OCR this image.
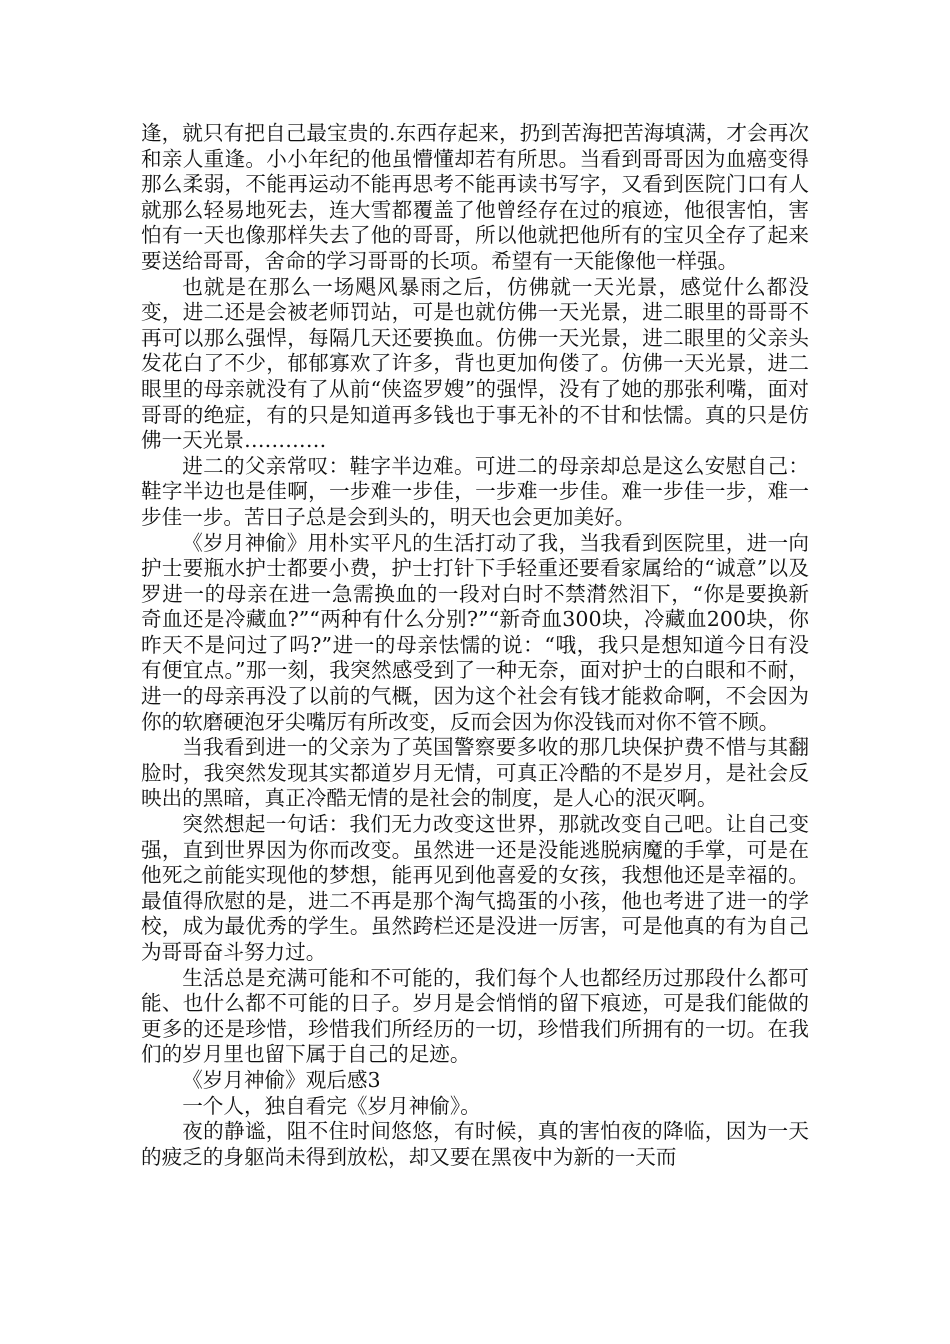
逢，就只有把自己最宝贵的.东西存起来，扔到苦海把苦海填满，才会再次和亲人重逢。小小年纪的他虽懵懂却若有所思。当看到哥哥因为血癌变得那么柔弱，不能再运动不能再思考不能再读书写字，又看到医院门口有人就那么轻易地死去，连大雪都覆盖了他曾经存在过的痕迹，他很害怕，害怕有一天也像那样失去了他的哥哥，所以他就把他所有的宝贝全存了起来要送给哥哥，舍命的学习哥哥的长项。希望有一天能像他一样强。

也就是在那么一场飓风暴雨之后，仿佛就一天光景，感觉什么都没变，进二还是会被老师罚站，可是也就仿佛一天光景，进二眼里的哥哥不再可以那么强悍，每隔几天还要换血。仿佛一天光景，进二眼里的父亲头发花白了不少，郁郁寡欢了许多，背也更加佝偻了。仿佛一天光景，进二眼里的母亲就没有了从前“侠盗罗嫂”的强悍，没有了她的那张利嘴，面对哥哥的绝症，有的只是知道再多钱也于事无补的不甘和怯懦。真的只是仿佛一天光景…………

进二的父亲常叹：鞋字半边难。可进二的母亲却总是这么安慰自己：鞋字半边也是佳啊，一步难一步佳，一步难一步佳。难一步佳一步，难一步佳一步。苦日子总是会到头的，明天也会更加美好。

《岁月神偷》用朴实平凡的生活打动了我，当我看到医院里，进一向护士要瓶水护士都要小费，护士打针下手轻重还要看家属给的“诚意”以及罗进一的母亲在进一急需换血的一段对白时不禁潸然泪下，“你是要换新奇血还是冷藏血?”“两种有什么分别?”“新奇血300块，冷藏血200块，你昨天不是问过了吗?”进一的母亲怯懦的说：“哦，我只是想知道今日有没有便宜点。”那一刻，我突然感受到了一种无奈，面对护士的白眼和不耐，进一的母亲再没了以前的气概，因为这个社会有钱才能救命啊，不会因为你的软磨硬泡牙尖嘴厉有所改变，反而会因为你没钱而对你不管不顾。

当我看到进一的父亲为了英国警察要多收的那几块保护费不惜与其翻脸时，我突然发现其实都道岁月无情，可真正冷酷的不是岁月，是社会反映出的黑暗，真正冷酷无情的是社会的制度，是人心的泯灭啊。

突然想起一句话：我们无力改变这世界，那就改变自己吧。让自己变强，直到世界因为你而改变。虽然进一还是没能逃脱病魔的手掌，可是在他死之前能实现他的梦想，能再见到他喜爱的女孩，我想他还是幸福的。最值得欣慰的是，进二不再是那个淘气捣蛋的小孩，他也考进了进一的学校，成为最优秀的学生。虽然跨栏还是没进一厉害，可是他真的有为自己为哥哥奋斗努力过。

生活总是充满可能和不可能的，我们每个人也都经历过那段什么都可能、也什么都不可能的日子。岁月是会悄悄的留下痕迹，可是我们能做的更多的还是珍惜，珍惜我们所经历的一切，珍惜我们所拥有的一切。在我们的岁月里也留下属于自己的足迹。

《岁月神偷》观后感3

一个人，独自看完《岁月神偷》。

夜的静谧，阻不住时间悠悠，有时候，真的害怕夜的降临，因为一天的疲乏的身躯尚未得到放松，却又要在黑夜中为新的一天而
